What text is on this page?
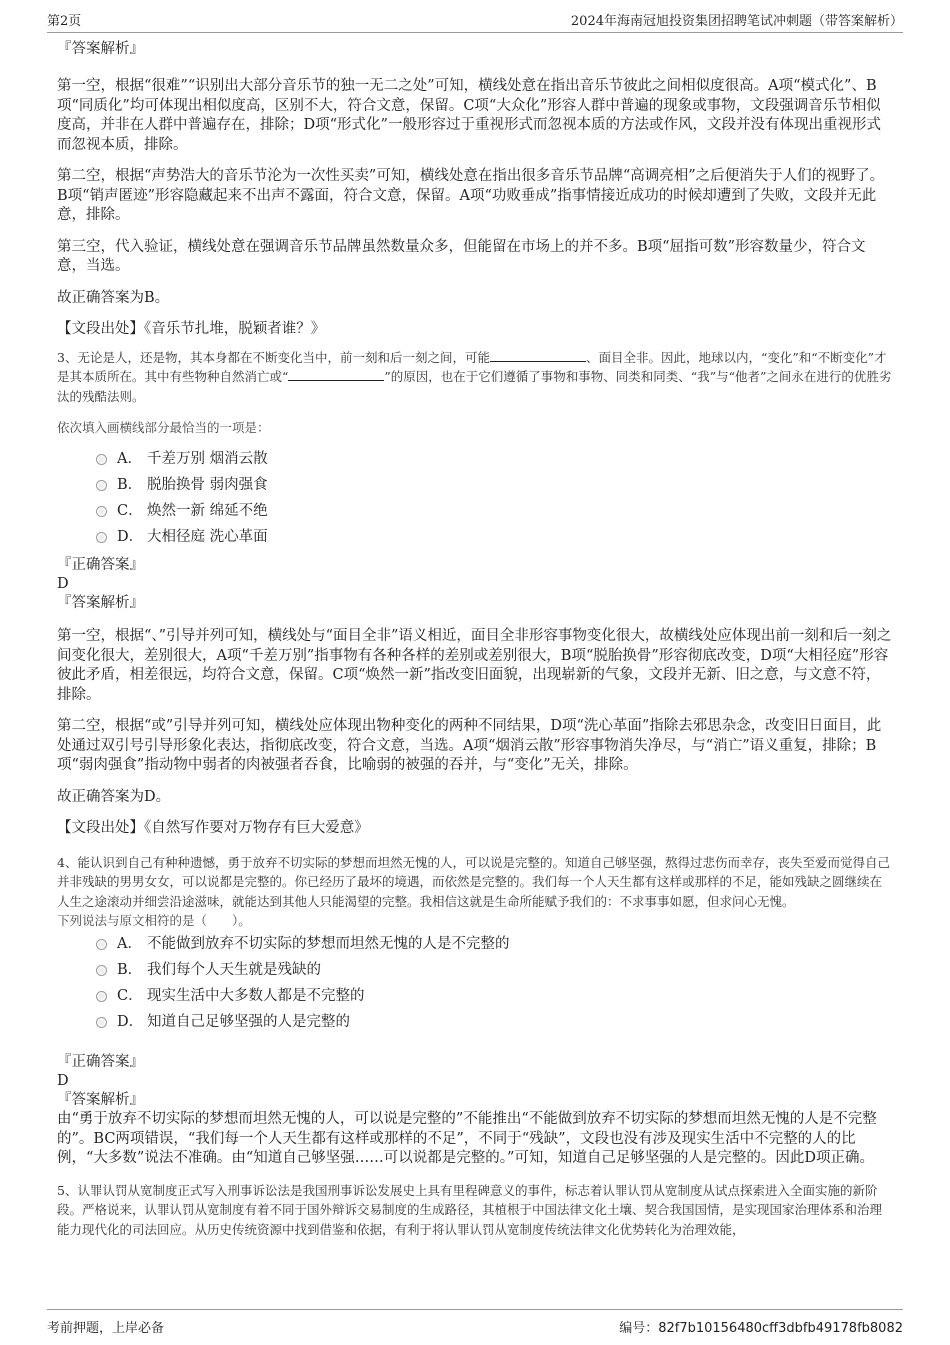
第2页	2024年海南冠旭投资集团招聘笔试冲刺题（带答案解析）

『答案解析』

第一空，根据“很难”“识别出大部分音乐节的独一无二之处”可知，横线处意在指出音乐节彼此之间相似度很高。A项“模式化”、B项“同质化”均可体现出相似度高，区别不大，符合文意，保留。C项“大众化”形容人群中普遍的现象或事物，文段强调音乐节相似度高，并非在人群中普遍存在，排除；D项“形式化”一般形容过于重视形式而忽视本质的方法或作风，文段并没有体现出重视形式而忽视本质，排除。

第二空，根据“声势浩大的音乐节沦为一次性买卖”可知，横线处意在指出很多音乐节品牌“高调亮相”之后便消失于人们的视野了。B项“销声匿迹”形容隐藏起来不出声不露面，符合文意，保留。A项“功败垂成”指事情接近成功的时候却遭到了失败，文段并无此意，排除。

第三空，代入验证，横线处意在强调音乐节品牌虽然数量众多，但能留在市场上的并不多。B项“屈指可数”形容数量少，符合文意，当选。

故正确答案为B。

【文段出处】《音乐节扎堆，脱颖者谁？》

3、无论是人，还是物，其本身都在不断变化当中，前一刻和后一刻之间，可能	、面目全非。因此，地球以内，“变化”和“不断变化”才是其本质所在。其中有些物种自然消亡或“	”的原因，也在于它们遵循了事物和事物、同类和同类、“我”与“他者”之间永在进行的优胜劣汰的残酷法则。

依次填入画横线部分最恰当的一项是：

A． 千差万别 烟消云散
B． 脱胎换骨 弱肉强食
C． 焕然一新 绵延不绝
D． 大相径庭 洗心革面

『正确答案』

D

『答案解析』

第一空，根据“、”引导并列可知，横线处与“面目全非”语义相近，面目全非形容事物变化很大，故横线处应体现出前一刻和后一刻之间变化很大，差别很大，A项“千差万别”指事物有各种各样的差别或差别很大，B项“脱胎换骨”形容彻底改变，D项“大相径庭”形容彼此矛盾，相差很远，均符合文意，保留。C项“焕然一新”指改变旧面貌，出现崭新的气象，文段并无新、旧之意，与文意不符，排除。

第二空，根据“或”引导并列可知，横线处应体现出物种变化的两种不同结果，D项“洗心革面”指除去邪思杂念，改变旧日面目，此处通过双引号引导形象化表达，指彻底改变，符合文意，当选。A项“烟消云散”形容事物消失净尽，与“消亡”语义重复，排除；B项“弱肉强食”指动物中弱者的肉被强者吞食，比喻弱的被强的吞并，与“变化”无关，排除。

故正确答案为D。

【文段出处】《自然写作要对万物存有巨大爱意》

4、能认识到自己有种种遗憾，勇于放弃不切实际的梦想而坦然无愧的人，可以说是完整的。知道自己够坚强，熬得过悲伤而幸存，丧失至爱而觉得自己并非残缺的男男女女，可以说都是完整的。你已经历了最坏的境遇，而依然是完整的。我们每一个人天生都有这样或那样的不足，能如残缺之圆继续在人生之途滚动并细尝沿途滋味，就能达到其他人只能渴望的完整。我相信这就是生命所能赋予我们的：不求事事如愿，但求问心无愧。

下列说法与原文相符的是（　　）。

A． 不能做到放弃不切实际的梦想而坦然无愧的人是不完整的
B． 我们每个人天生就是残缺的
C． 现实生活中大多数人都是不完整的
D． 知道自己足够坚强的人是完整的

『正确答案』

D

『答案解析』

由“勇于放弃不切实际的梦想而坦然无愧的人，可以说是完整的”不能推出“不能做到放弃不切实际的梦想而坦然无愧的人是不完整的”。BC两项错误，“我们每一个人天生都有这样或那样的不足”，不同于“残缺”，文段也没有涉及现实生活中不完整的人的比例，“大多数”说法不准确。由“知道自己够坚强……可以说都是完整的。”可知，知道自己足够坚强的人是完整的。因此D项正确。

5、认罪认罚从宽制度正式写入刑事诉讼法是我国刑事诉讼发展史上具有里程碑意义的事件，标志着认罪认罚从宽制度从试点探索进入全面实施的新阶段。严格说来，认罪认罚从宽制度有着不同于国外辩诉交易制度的生成路径，其植根于中国法律文化土壤、契合我国国情，是实现国家治理体系和治理能力现代化的司法回应。从历史传统资源中找到借鉴和依据，有利于将认罪认罚从宽制度传统法律文化优势转化为治理效能，

考前押题，上岸必备	编号：82f7b10156480cff3dbfb49178fb8082
